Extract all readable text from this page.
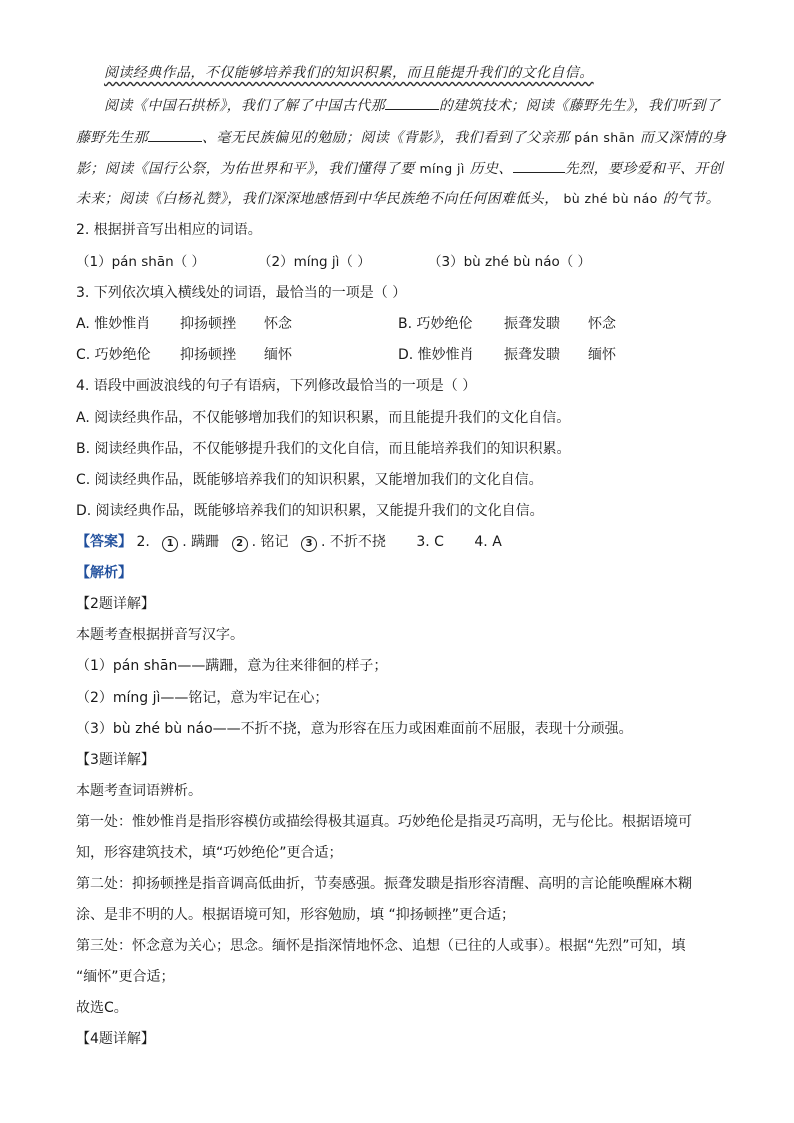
阅读经典作品，不仅能够培养我们的知识积累，而且能提升我们的文化自信。
阅读《中国石拱桥》，我们了解了中国古代那	的建筑技术；阅读《藤野先生》，我们听到了
藤野先生那	、毫无民族偏见的勉励；阅读《背影》，我们看到了父亲那 pán shān 而又深情的身
影；阅读《国行公祭，为佑世界和平》，我们懂得了要 míng jì 历史、	先烈，要珍爱和平、开创
未来；阅读《白杨礼赞》，我们深深地感悟到中华民族绝不向任何困难低头， bù zhé bù náo 的气节。
2. 根据拼音写出相应的词语。
（1）pán shān（ ）	（2）míng jì（ ）	（3）bù zhé bù náo（ ）
3. 下列依次填入横线处的词语，最恰当的一项是（ ）
A. 惟妙惟肖 抑扬顿挫 怀念	B. 巧妙绝伦 振聋发聩 怀念
C. 巧妙绝伦 抑扬顿挫 缅怀	D. 惟妙惟肖 振聋发聩 缅怀
4. 语段中画波浪线的句子有语病，下列修改最恰当的一项是（ ）
A. 阅读经典作品，不仅能够增加我们的知识积累，而且能提升我们的文化自信。
B. 阅读经典作品，不仅能够提升我们的文化自信，而且能培养我们的知识积累。
C. 阅读经典作品，既能够培养我们的知识积累，又能增加我们的文化自信。
D. 阅读经典作品，既能够培养我们的知识积累，又能提升我们的文化自信。
【答案】 2. 1 . 蹒跚 2 . 铭记 3 . 不折不挠 3. C 4. A
【解析】
【2题详解】
本题考查根据拼音写汉字。
（1）pán shān——蹒跚，意为往来徘徊的样子；
（2）míng jì——铭记，意为牢记在心；
（3）bù zhé bù náo——不折不挠，意为形容在压力或困难面前不屈服，表现十分顽强。
【3题详解】
本题考查词语辨析。
第一处：惟妙惟肖是指形容模仿或描绘得极其逼真。巧妙绝伦是指灵巧高明，无与伦比。根据语境可
知，形容建筑技术，填“巧妙绝伦”更合适；
第二处：抑扬顿挫是指音调高低曲折，节奏感强。振聋发聩是指形容清醒、高明的言论能唤醒麻木糊
涂、是非不明的人。根据语境可知，形容勉励，填 “抑扬顿挫”更合适；
第三处：怀念意为关心；思念。缅怀是指深情地怀念、追想（已往的人或事）。根据“先烈”可知，填
“缅怀”更合适；
故选C。
【4题详解】
